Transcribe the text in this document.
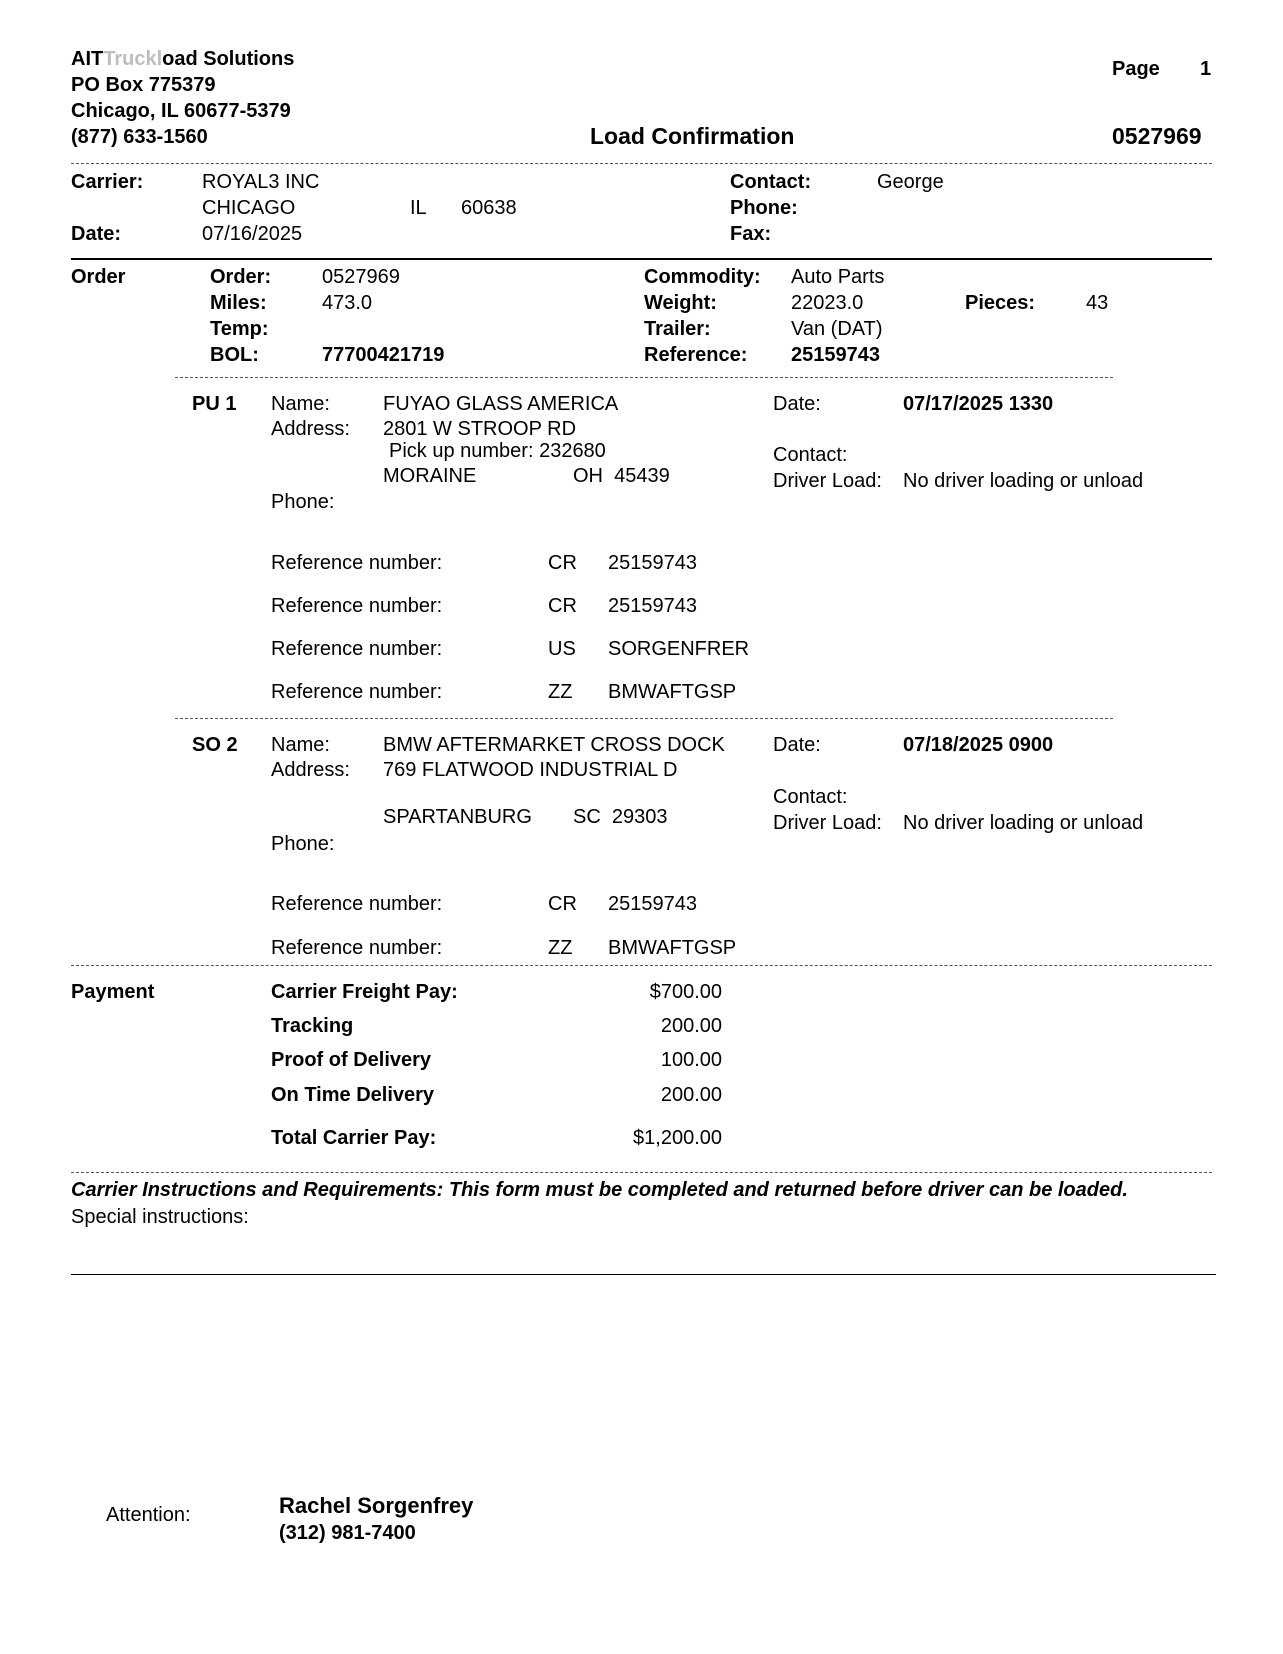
AITTruckload Solutions
PO Box 775379
Chicago, IL 60677-5379
(877) 633-1560
Page 1
Load Confirmation	0527969
Carrier:	ROYAL3 INC
CHICAGO	IL 60638
Date:	07/16/2025
Contact:	George
Phone:
Fax:
Order	Order:	0527969
Miles:	473.0
Temp:
BOL:	77700421719
Commodity: Auto Parts
Weight:	22023.0
Trailer:	Van (DAT)
Reference: 25159743
Pieces:	43
PU 1 Name:	FUYAO GLASS AMERICA
Address: 2801 W STROOP RD
Pick up number: 232680
MORAINE	OH  45439
Phone:
Date:	07/17/2025 1330
Contact:
Driver Load: No driver loading or unload
Reference number:	CR 25159743
Reference number:	CR 25159743
Reference number:	US SORGENFRER
Reference number:	ZZ BMWAFTGSP
SO 2 Name:	BMW AFTERMARKET CROSS DOCK
Address: 769 FLATWOOD INDUSTRIAL D
SPARTANBURG SC  29303
Phone:
Date:	07/18/2025 0900
Contact:
Driver Load: No driver loading or unload
Reference number:	CR 25159743
Reference number:	ZZ BMWAFTGSP
Payment	Carrier Freight Pay:	$700.00
Tracking	200.00
Proof of Delivery	100.00
On Time Delivery	200.00
Total Carrier Pay:	$1,200.00
Carrier Instructions and Requirements: This form must be completed and returned before driver can be loaded.
Special instructions:
Attention:	Rachel Sorgenfrey
(312) 981-7400
